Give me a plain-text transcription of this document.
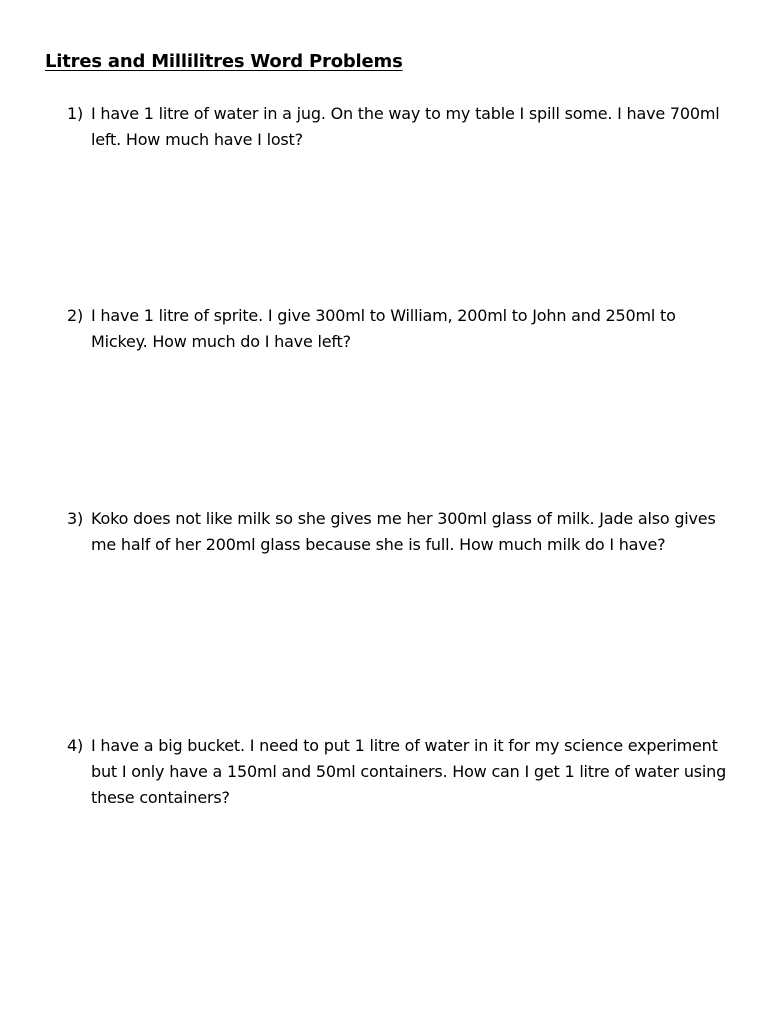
Litres and Millilitres Word Problems
1) I have 1 litre of water in a jug. On the way to my table I spill some. I have 700ml left. How much have I lost?
2) I have 1 litre of sprite. I give 300ml to William, 200ml to John and 250ml to Mickey. How much do I have left?
3) Koko does not like milk so she gives me her 300ml glass of milk. Jade also gives me half of her 200ml glass because she is full. How much milk do I have?
4) I have a big bucket. I need to put 1 litre of water in it for my science experiment but I only have a 150ml and 50ml containers. How can I get 1 litre of water using these containers?
